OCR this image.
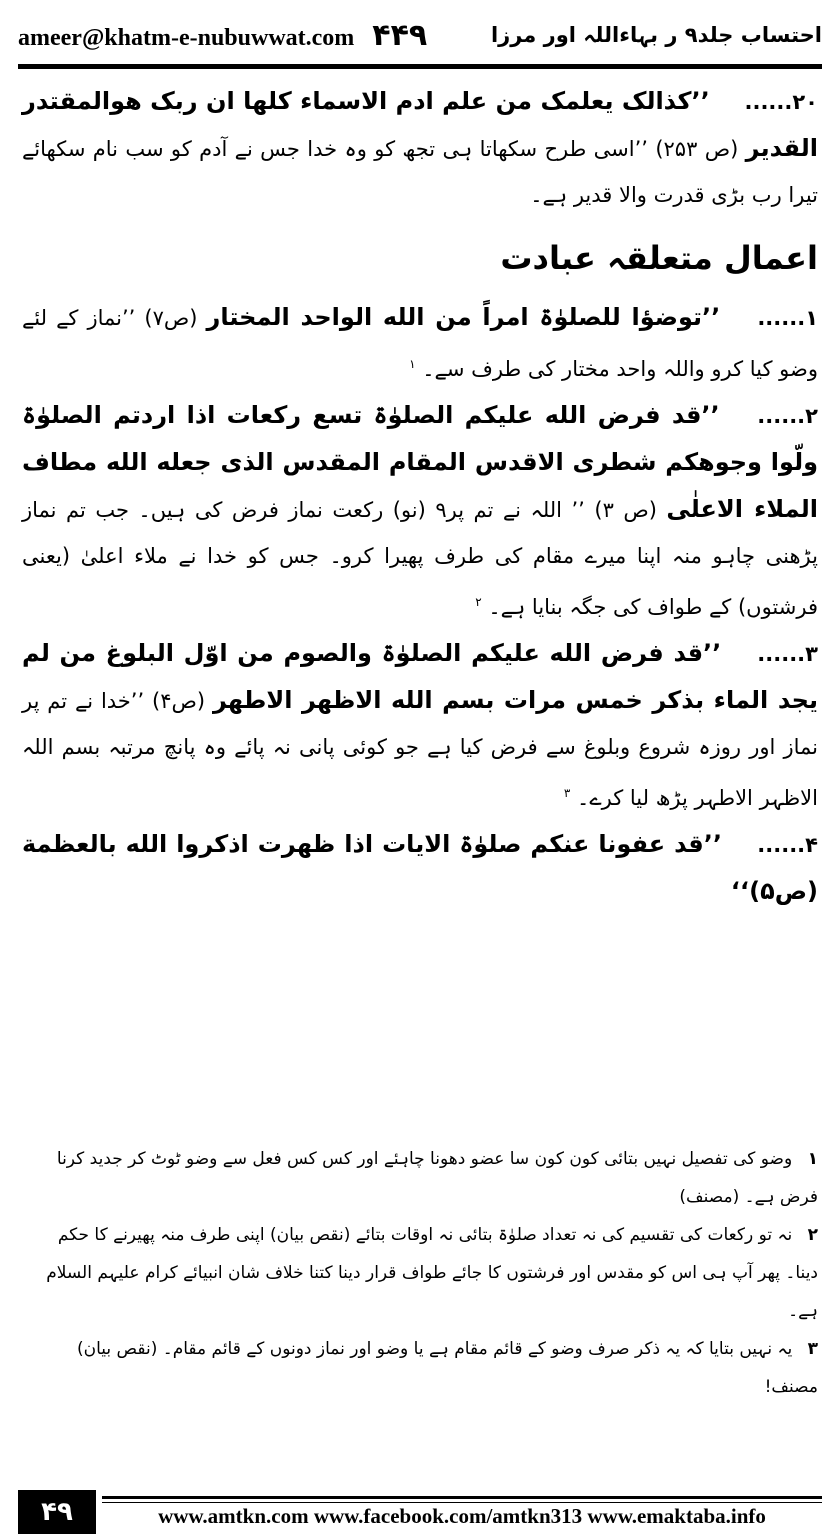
ameer@khatm-e-nubuwwat.com ۴۴۹	احتساب جلد۹ ر بہاءاللہ اور مرزا

۲۰...... ’’کذالک یعلمک من علم ادم الاسماء کلها ان ربک هوالمقتدر القدیر (ص ۲۵۳) ’’اسی طرح سکھاتا ہی تجھ کو وہ خدا جس نے آدم کو سب نام سکھائے تیرا رب بڑی قدرت والا قدیر ہے۔

اعمال متعلقہ عبادت

۱...... ’’توضؤا للصلوٰۃ امراً من الله الواحد المختار (ص۷) ’’نماز کے لئے وضو کیا کرو واللہ واحد مختار کی طرف سے۔ $^۱$

۲...... ’’قد فرض الله علیکم الصلوٰۃ تسع رکعات اذا اردتم الصلوٰۃ ولّوا وجوهکم شطری الاقدس المقام المقدس الذی جعله الله مطاف الملاء الاعلٰی (ص ۳) ’’ اللہ نے تم پر۹ (نو) رکعت نماز فرض کی ہیں۔ جب تم نماز پڑھنی چاہو منہ اپنا میرے مقام کی طرف پھیرا کرو۔ جس کو خدا نے ملاء اعلیٰ (یعنی فرشتوں) کے طواف کی جگہ بنایا ہے۔ $^۲$

۳...... ’’قد فرض الله علیکم الصلوٰۃ والصوم من اوّل البلوغ من لم یجد الماء بذکر خمس مرات بسم الله الاظهر الاطهر (ص۴) ’’خدا نے تم پر نماز اور روزہ شروع وبلوغ سے فرض کیا ہے جو کوئی پانی نہ پائے وہ پانچ مرتبہ بسم اللہ الاظہر الاطہر پڑھ لیا کرے۔ $^۳$

۴...... ’’قد عفونا عنکم صلوٰۃ الایات اذا ظهرت اذکروا الله بالعظمة (ص۵)‘‘

۱ وضو کی تفصیل نہیں بتائی کون کون سا عضو دھونا چاہئے اور کس کس فعل سے وضو ٹوٹ کر جدید کرنا فرض ہے۔ (مصنف)

۲ نہ تو رکعات کی تقسیم کی نہ تعداد صلوٰۃ بتائی نہ اوقات بتائے (نقص بیان) اپنی طرف منہ پھیرنے کا حکم دینا۔ پھر آپ ہی اس کو مقدس اور فرشتوں کا جائے طواف قرار دینا کتنا خلاف شان انبیائے کرام علیہم السلام ہے۔

۳ یہ نہیں بتایا کہ یہ ذکر صرف وضو کے قائم مقام ہے یا وضو اور نماز دونوں کے قائم مقام۔ (نقص بیان) مصنف!

۴۹	www.amtkn.com www.facebook.com/amtkn313 www.emaktaba.info
